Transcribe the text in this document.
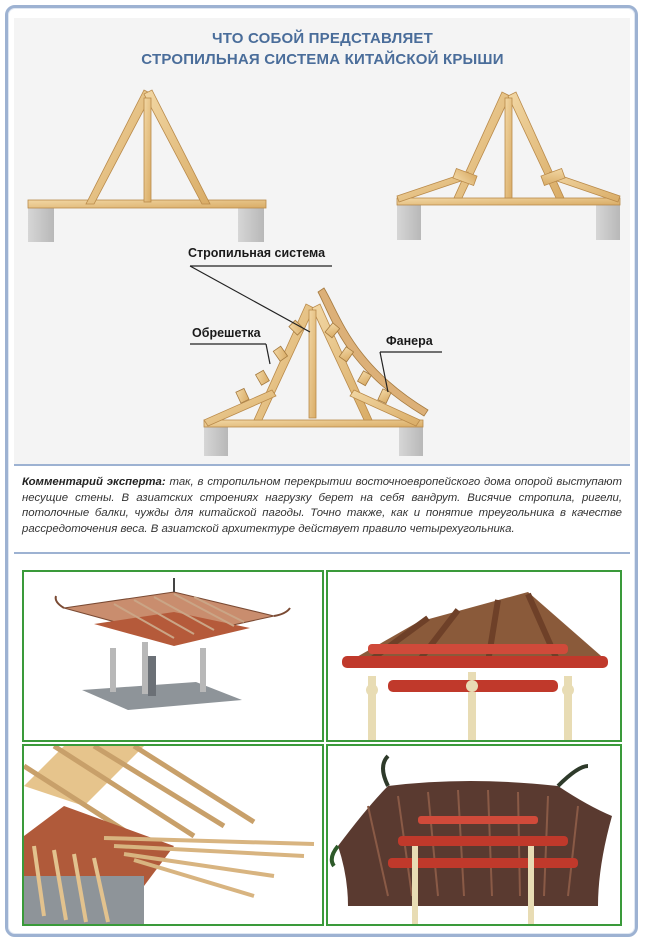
Стропильная система
Обрешетка
Фанера
ЧТО СОБОЙ ПРЕДСТАВЛЯЕТ
СТРОПИЛЬНАЯ СИСТЕМА КИТАЙСКОЙ КРЫШИ
Комментарий эксперта: так, в стропильном перекрытии восточноевропейского дома опорой выступают несущие стены. В азиатских строениях нагрузку берет на себя вандрут. Висячие стропила, ригели, потолочные балки, чужды для китайской пагоды. Точно также, как и понятие треугольника в качестве рассредоточения веса. В азиатской архитектуре действует правило четырехугольника.
